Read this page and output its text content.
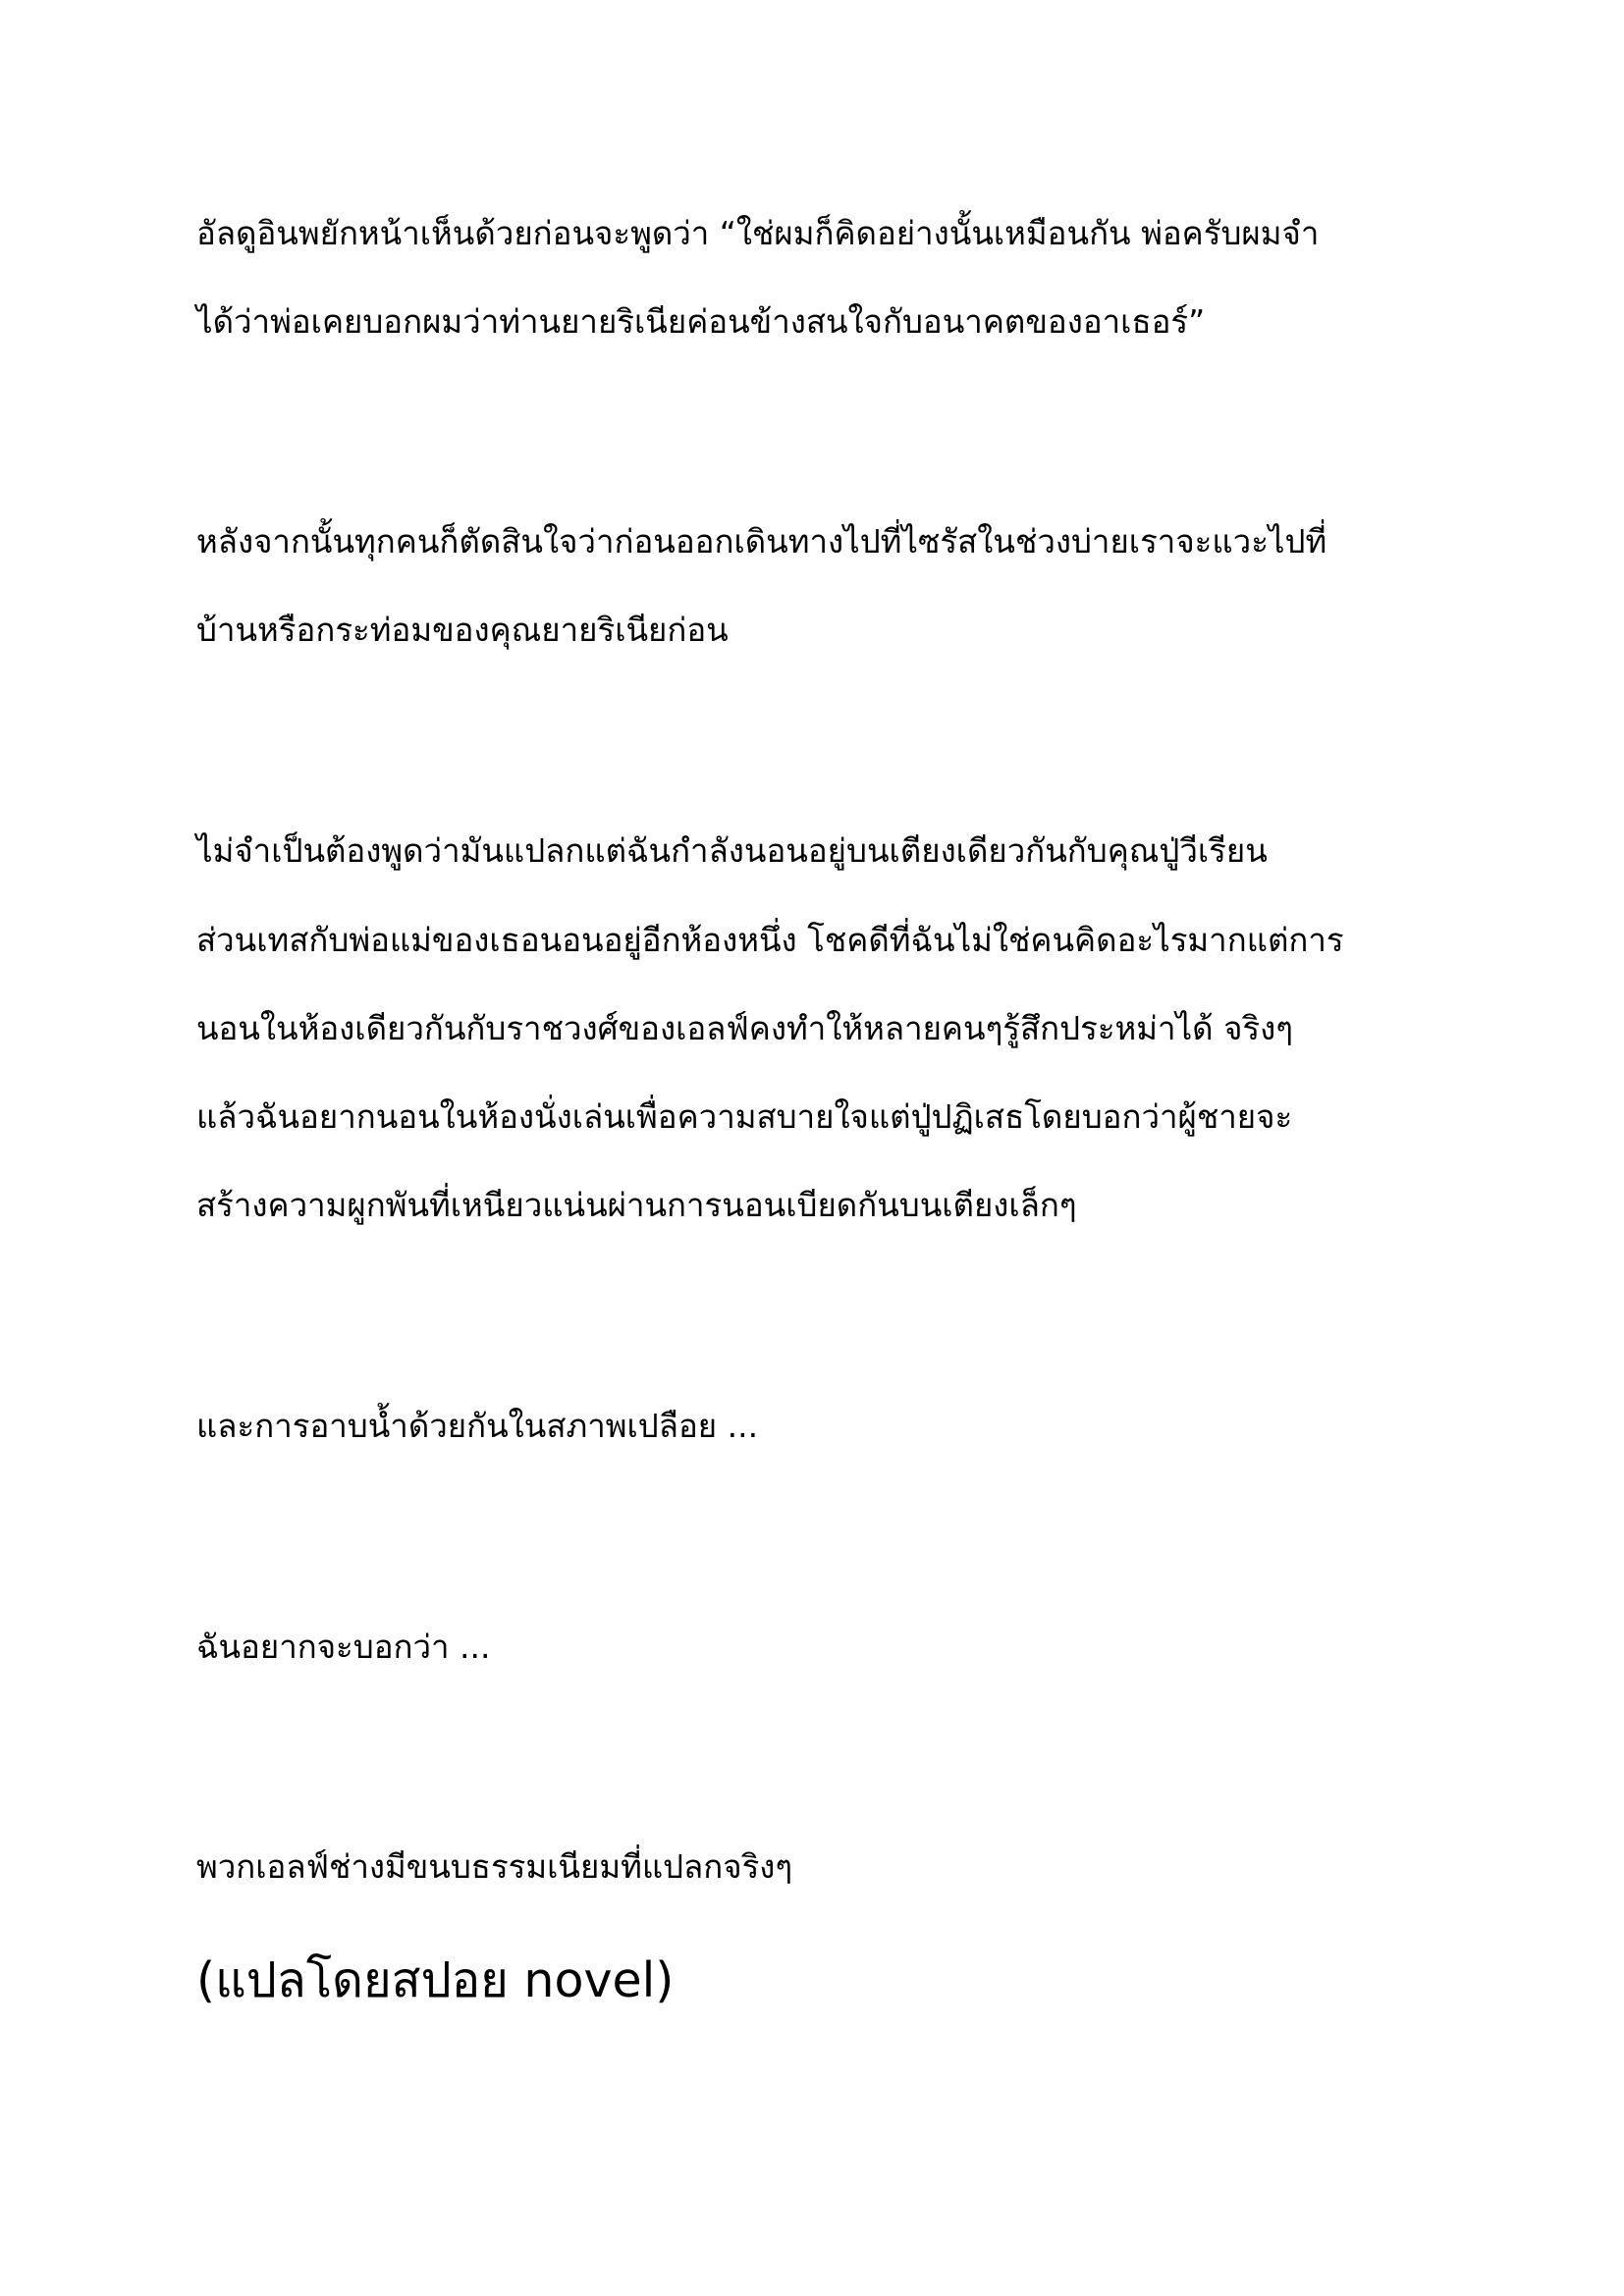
อัลดูอินพยักหน้าเห็นด้วยก่อนจะพูดว่า “ใช่ผมก็คิดอย่างนั้นเหมือนกัน พ่อครับผมจำ
ได้ว่าพ่อเคยบอกผมว่าท่านยายริเนียค่อนข้างสนใจกับอนาคตของอาเธอร์”
หลังจากนั้นทุกคนก็ตัดสินใจว่าก่อนออกเดินทางไปที่ไซรัสในช่วงบ่ายเราจะแวะไปที่
บ้านหรือกระท่อมของคุณยายริเนียก่อน
ไม่จำเป็นต้องพูดว่ามันแปลกแต่ฉันกำลังนอนอยู่บนเตียงเดียวกันกับคุณปู่วีเรียน
ส่วนเทสกับพ่อแม่ของเธอนอนอยู่อีกห้องหนึ่ง โชคดีที่ฉันไม่ใช่คนคิดอะไรมากแต่การ
นอนในห้องเดียวกันกับราชวงศ์ของเอลฟ์คงทำให้หลายคนๆรู้สึกประหม่าได้ จริงๆ
แล้วฉันอยากนอนในห้องนั่งเล่นเพื่อความสบายใจแต่ปู่ปฏิเสธโดยบอกว่าผู้ชายจะ
สร้างความผูกพันที่เหนียวแน่นผ่านการนอนเบียดกันบนเตียงเล็กๆ
และการอาบน้ำด้วยกันในสภาพเปลือย ...
ฉันอยากจะบอกว่า ...
พวกเอลฟ์ช่างมีขนบธรรมเนียมที่แปลกจริงๆ
(แปลโดยสปอย novel)
